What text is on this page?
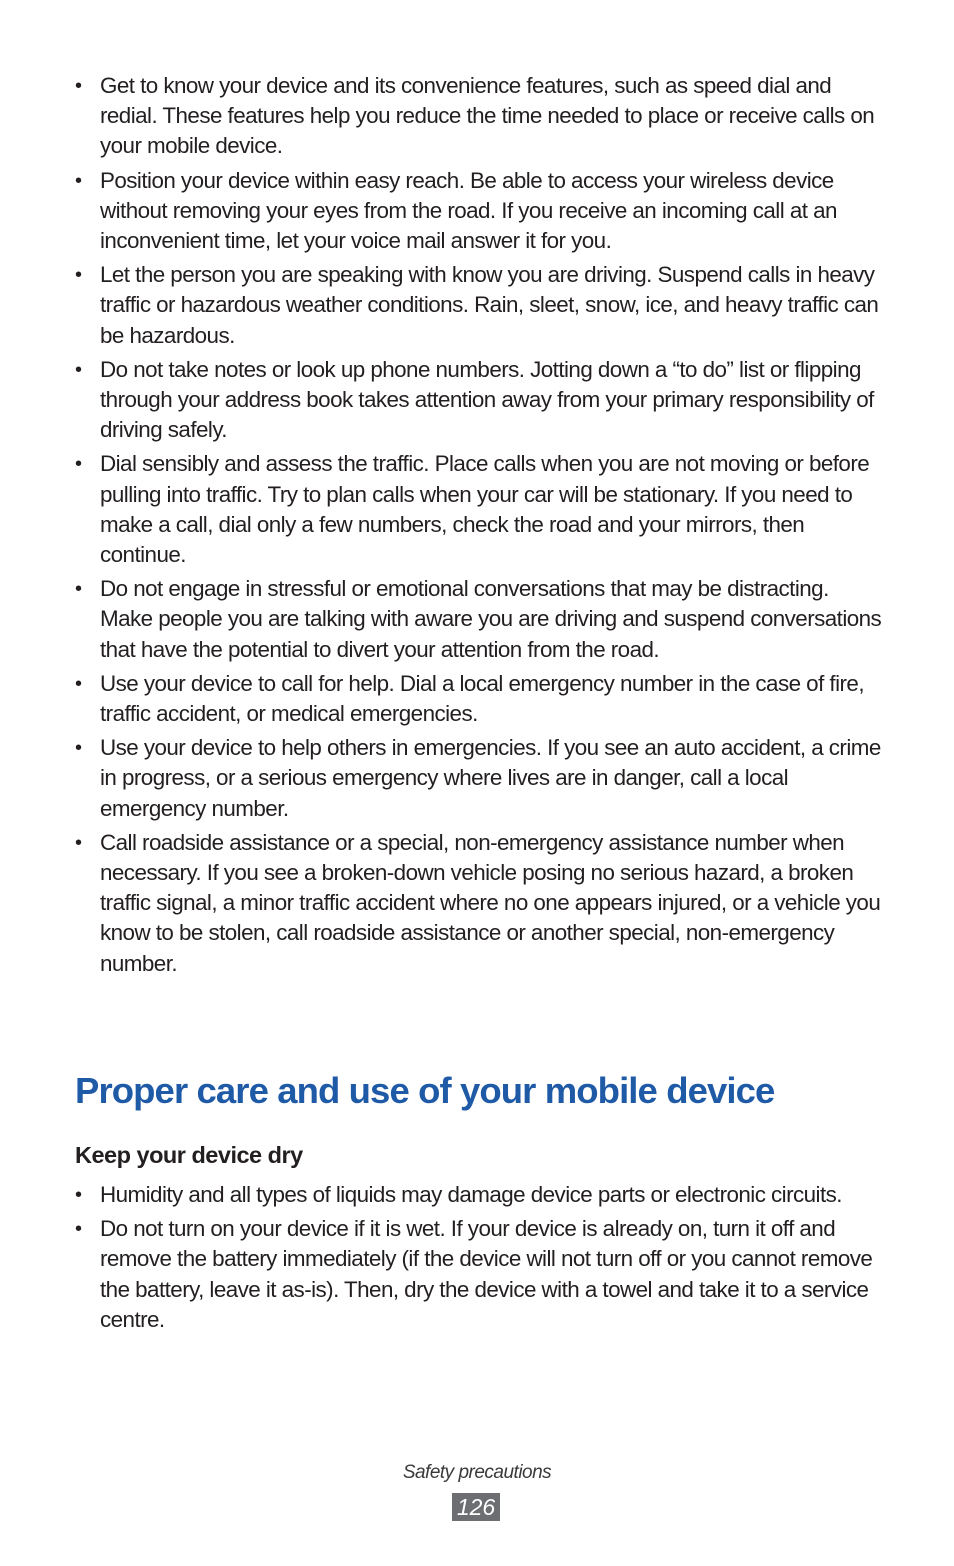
• Get to know your device and its convenience features, such as speed dial and redial. These features help you reduce the time needed to place or receive calls on your mobile device.
• Position your device within easy reach. Be able to access your wireless device without removing your eyes from the road. If you receive an incoming call at an inconvenient time, let your voice mail answer it for you.
• Let the person you are speaking with know you are driving. Suspend calls in heavy traffic or hazardous weather conditions. Rain, sleet, snow, ice, and heavy traffic can be hazardous.
• Do not take notes or look up phone numbers. Jotting down a “to do” list or flipping through your address book takes attention away from your primary responsibility of driving safely.
• Dial sensibly and assess the traffic. Place calls when you are not moving or before pulling into traffic. Try to plan calls when your car will be stationary. If you need to make a call, dial only a few numbers, check the road and your mirrors, then continue.
• Do not engage in stressful or emotional conversations that may be distracting. Make people you are talking with aware you are driving and suspend conversations that have the potential to divert your attention from the road.
• Use your device to call for help. Dial a local emergency number in the case of fire, traffic accident, or medical emergencies.
• Use your device to help others in emergencies. If you see an auto accident, a crime in progress, or a serious emergency where lives are in danger, call a local emergency number.
• Call roadside assistance or a special, non-emergency assistance number when necessary. If you see a broken-down vehicle posing no serious hazard, a broken traffic signal, a minor traffic accident where no one appears injured, or a vehicle you know to be stolen, call roadside assistance or another special, non-emergency number.
Proper care and use of your mobile device
Keep your device dry
• Humidity and all types of liquids may damage device parts or electronic circuits.
• Do not turn on your device if it is wet. If your device is already on, turn it off and remove the battery immediately (if the device will not turn off or you cannot remove the battery, leave it as-is). Then, dry the device with a towel and take it to a service centre.
Safety precautions
126
